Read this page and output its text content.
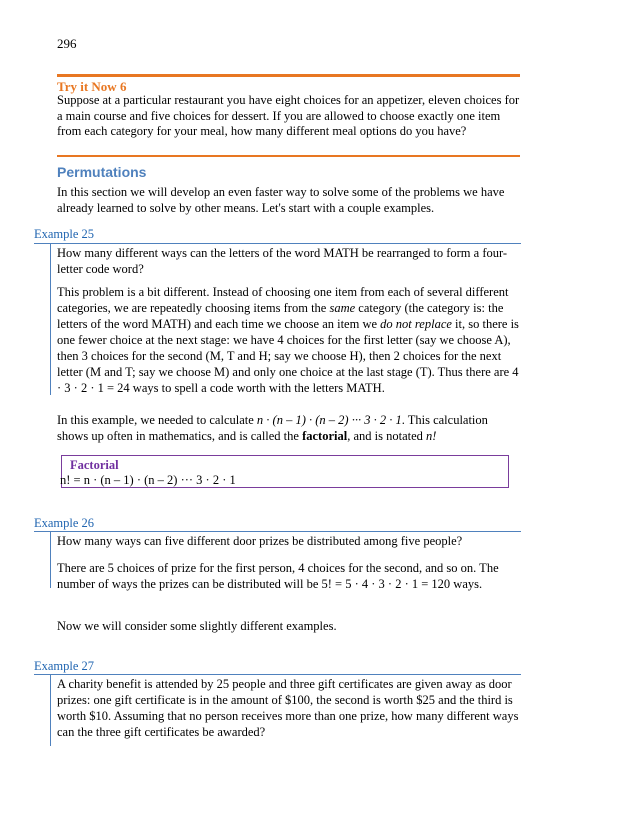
296
Try it Now 6
Suppose at a particular restaurant you have eight choices for an appetizer, eleven choices for a main course and five choices for dessert. If you are allowed to choose exactly one item from each category for your meal, how many different meal options do you have?
Permutations
In this section we will develop an even faster way to solve some of the problems we have already learned to solve by other means. Let's start with a couple examples.
Example 25
How many different ways can the letters of the word MATH be rearranged to form a four-letter code word?
This problem is a bit different. Instead of choosing one item from each of several different categories, we are repeatedly choosing items from the same category (the category is: the letters of the word MATH) and each time we choose an item we do not replace it, so there is one fewer choice at the next stage: we have 4 choices for the first letter (say we choose A), then 3 choices for the second (M, T and H; say we choose H), then 2 choices for the next letter (M and T; say we choose M) and only one choice at the last stage (T). Thus there are 4 · 3 · 2 · 1 = 24 ways to spell a code worth with the letters MATH.
In this example, we needed to calculate n · (n – 1) · (n – 2) ··· 3 · 2 · 1. This calculation shows up often in mathematics, and is called the factorial, and is notated n!
Factorial
n! = n · (n – 1) · (n – 2) ··· 3 · 2 · 1
Example 26
How many ways can five different door prizes be distributed among five people?
There are 5 choices of prize for the first person, 4 choices for the second, and so on. The number of ways the prizes can be distributed will be 5! = 5 · 4 · 3 · 2 · 1 = 120 ways.
Now we will consider some slightly different examples.
Example 27
A charity benefit is attended by 25 people and three gift certificates are given away as door prizes: one gift certificate is in the amount of $100, the second is worth $25 and the third is worth $10. Assuming that no person receives more than one prize, how many different ways can the three gift certificates be awarded?
